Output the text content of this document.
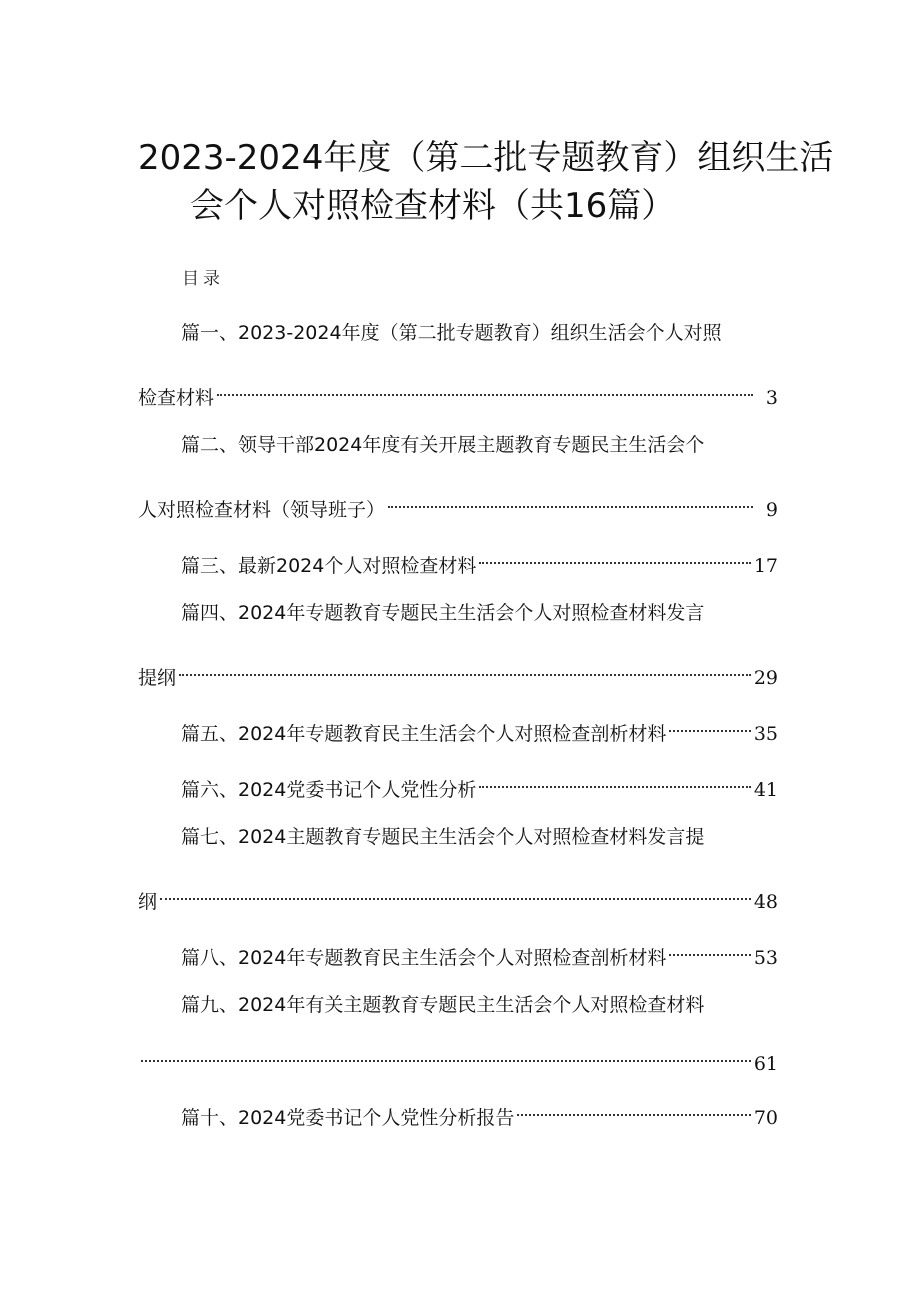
2023-2024年度（第二批专题教育）组织生活
会个人对照检查材料（共16篇）
目录
篇一、2023-2024年度（第二批专题教育）组织生活会个人对照
检查材料	3
篇二、领导干部2024年度有关开展主题教育专题民主生活会个
人对照检查材料（领导班子）	9
篇三、最新2024个人对照检查材料	17
篇四、2024年专题教育专题民主生活会个人对照检查材料发言
提纲	29
篇五、2024年专题教育民主生活会个人对照检查剖析材料	35
篇六、2024党委书记个人党性分析	41
篇七、2024主题教育专题民主生活会个人对照检查材料发言提
纲	48
篇八、2024年专题教育民主生活会个人对照检查剖析材料	53
篇九、2024年有关主题教育专题民主生活会个人对照检查材料
61
篇十、2024党委书记个人党性分析报告	70
